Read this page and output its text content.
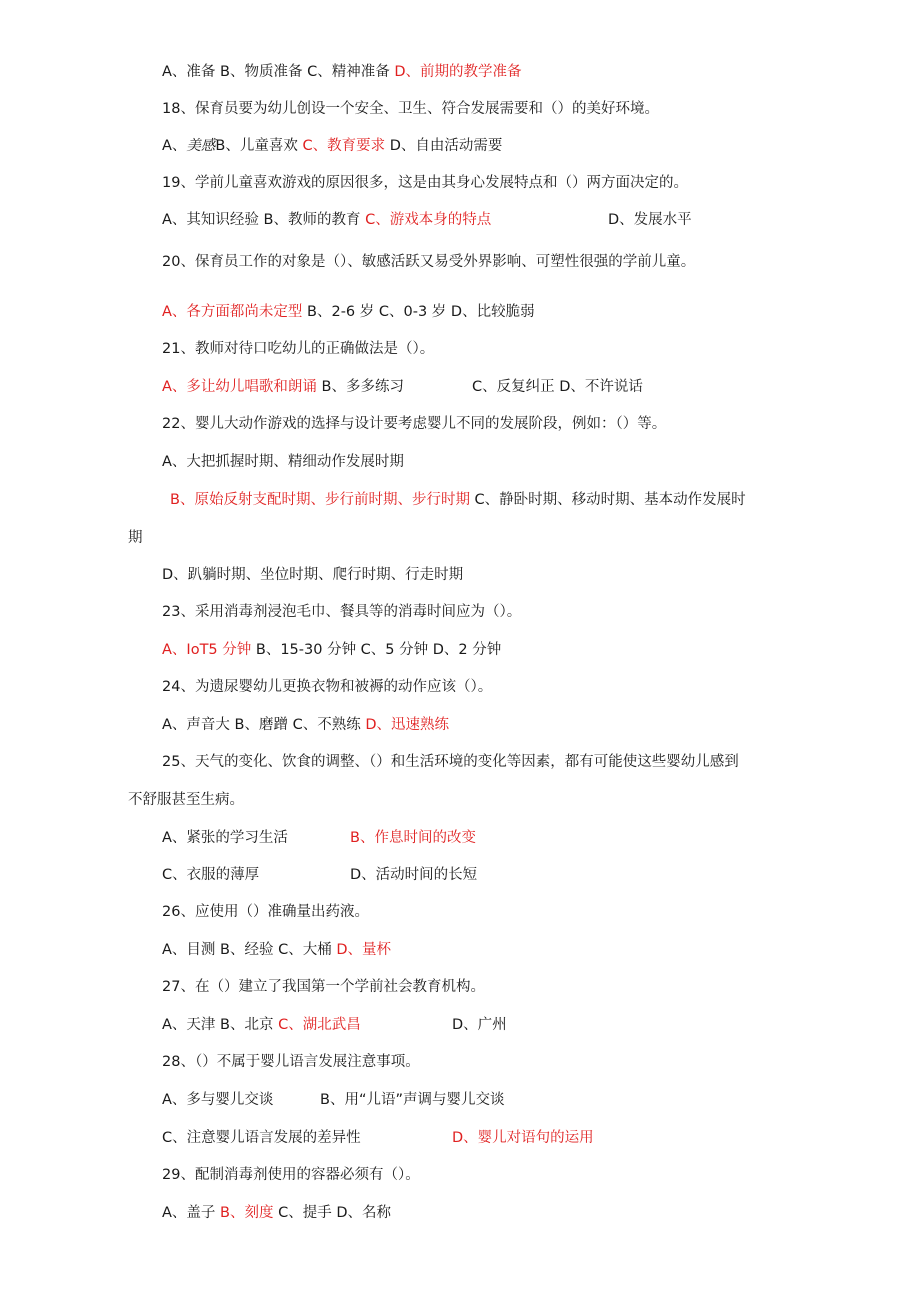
A、准备 B、物质准备 C、精神准备 D、前期的教学准备
18、保育员要为幼儿创设一个安全、卫生、符合发展需要和（）的美好环境。
A、美感B、儿童喜欢 C、教育要求 D、自由活动需要
19、学前儿童喜欢游戏的原因很多，这是由其身心发展特点和（）两方面决定的。
A、其知识经验 B、教师的教育 C、游戏本身的特点	D、发展水平
20、保育员工作的对象是（）、敏感活跃又易受外界影响、可塑性很强的学前儿童。
A、各方面都尚未定型 B、2-6 岁 C、0-3 岁 D、比较脆弱
21、教师对待口吃幼儿的正确做法是（）。
A、多让幼儿唱歌和朗诵 B、多多练习	C、反复纠正 D、不许说话
22、婴儿大动作游戏的选择与设计要考虑婴儿不同的发展阶段，例如：（）等。
A、大把抓握时期、精细动作发展时期
B、原始反射支配时期、步行前时期、步行时期 C、静卧时期、移动时期、基本动作发展时
期
D、趴躺时期、坐位时期、爬行时期、行走时期
23、采用消毒剂浸泡毛巾、餐具等的消毒时间应为（）。
A、IoT5 分钟 B、15-30 分钟 C、5 分钟 D、2 分钟
24、为遗尿婴幼儿更换衣物和被褥的动作应该（）。
A、声音大 B、磨蹭 C、不熟练 D、迅速熟练
25、天气的变化、饮食的调整、（）和生活环境的变化等因素，都有可能使这些婴幼儿感到
不舒服甚至生病。
A、紧张的学习生活	B、作息时间的改变
C、衣服的薄厚	D、活动时间的长短
26、应使用（）准确量出药液。
A、目测 B、经验 C、大桶 D、量杯
27、在（）建立了我国第一个学前社会教育机构。
A、天津 B、北京 C、湖北武昌	D、广州
28、（）不属于婴儿语言发展注意事项。
A、多与婴儿交谈	B、用“儿语”声调与婴儿交谈
C、注意婴儿语言发展的差异性	D、婴儿对语句的运用
29、配制消毒剂使用的容器必须有（）。
A、盖子 B、刻度 C、提手 D、名称
